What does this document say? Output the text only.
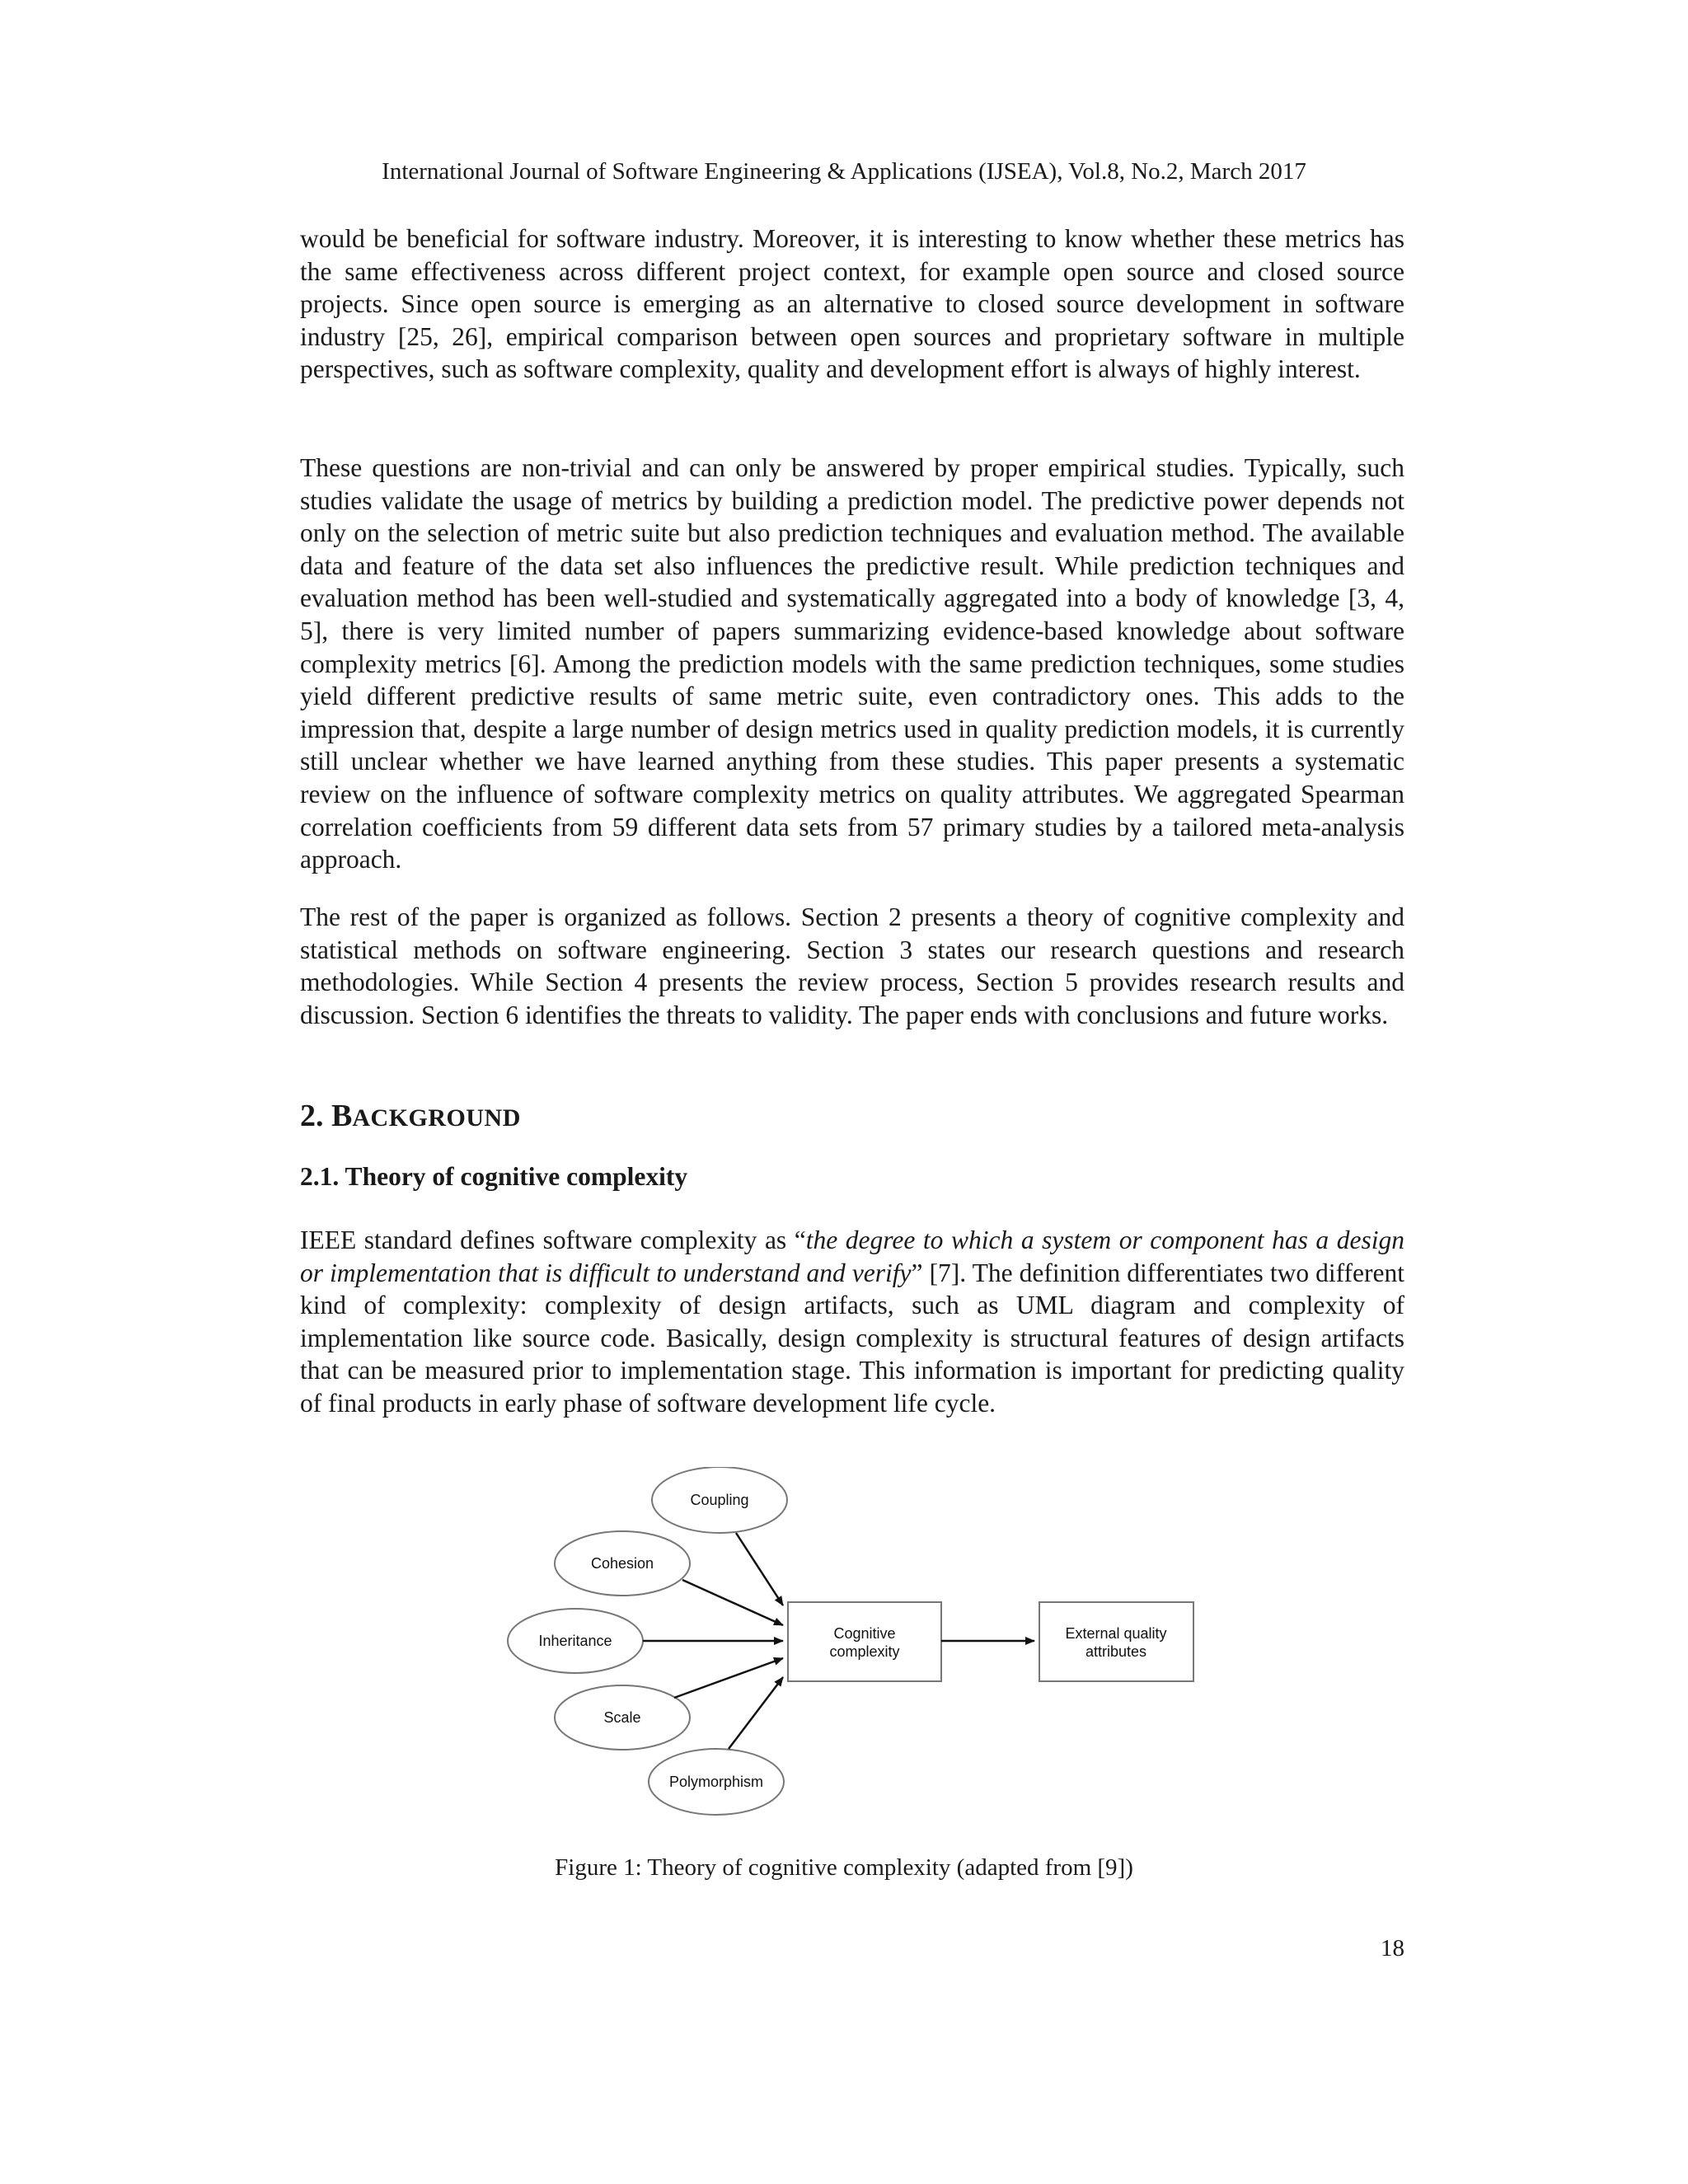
International Journal of Software Engineering & Applications (IJSEA), Vol.8, No.2, March 2017

would be beneficial for software industry. Moreover, it is interesting to know whether these metrics has the same effectiveness across different project context, for example open source and closed source projects. Since open source is emerging as an alternative to closed source development in software industry [25, 26], empirical comparison between open sources and proprietary software in multiple perspectives, such as software complexity, quality and development effort is always of highly interest.

These questions are non-trivial and can only be answered by proper empirical studies. Typically, such studies validate the usage of metrics by building a prediction model. The predictive power depends not only on the selection of metric suite but also prediction techniques and evaluation method. The available data and feature of the data set also influences the predictive result. While prediction techniques and evaluation method has been well-studied and systematically aggregated into a body of knowledge [3, 4, 5], there is very limited number of papers summarizing evidence-based knowledge about software complexity metrics [6]. Among the prediction models with the same prediction techniques, some studies yield different predictive results of same metric suite, even contradictory ones. This adds to the impression that, despite a large number of design metrics used in quality prediction models, it is currently still unclear whether we have learned anything from these studies. This paper presents a systematic review on the influence of software complexity metrics on quality attributes. We aggregated Spearman correlation coefficients from 59 different data sets from 57 primary studies by a tailored meta-analysis approach.

The rest of the paper is organized as follows. Section 2 presents a theory of cognitive complexity and statistical methods on software engineering. Section 3 states our research questions and research methodologies. While Section 4 presents the review process, Section 5 provides research results and discussion. Section 6 identifies the threats to validity. The paper ends with conclusions and future works.

2. BACKGROUND
2.1. Theory of cognitive complexity

IEEE standard defines software complexity as “the degree to which a system or component has a design or implementation that is difficult to understand and verify” [7]. The definition differentiates two different kind of complexity: complexity of design artifacts, such as UML diagram and complexity of implementation like source code. Basically, design complexity is structural features of design artifacts that can be measured prior to implementation stage. This information is important for predicting quality of final products in early phase of software development life cycle.

Coupling
Cohesion
Inheritance
Scale
Polymorphism
Cognitive
complexity
External quality
attributes
Figure 1: Theory of cognitive complexity (adapted from [9])
18
